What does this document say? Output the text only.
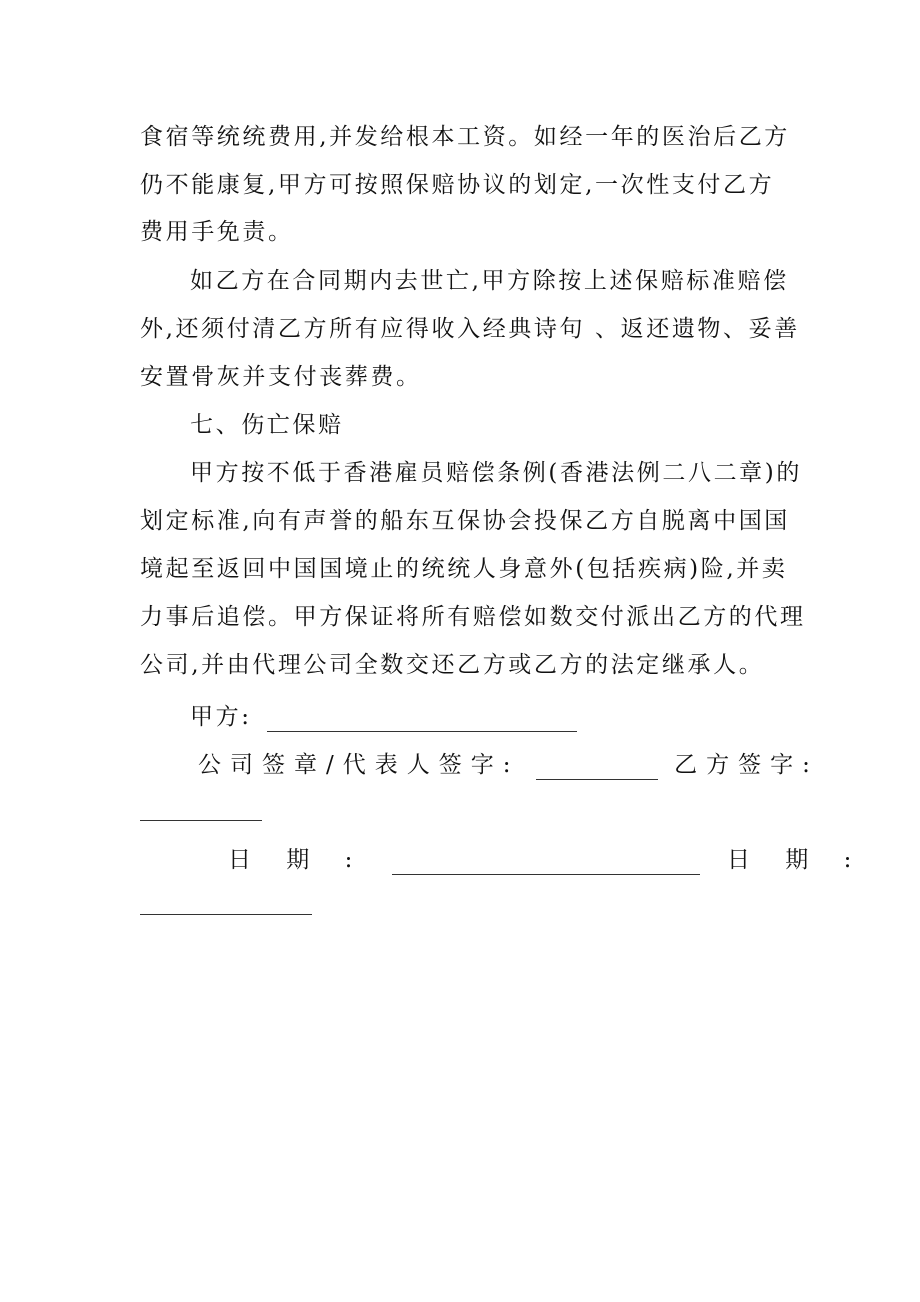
食宿等统统费用,并发给根本工资。如经一年的医治后乙方
仍不能康复,甲方可按照保赔协议的划定,一次性支付乙方
费用手免责。
如乙方在合同期内去世亡,甲方除按上述保赔标准赔偿
外,还须付清乙方所有应得收入经典诗句 、返还遗物、妥善
安置骨灰并支付丧葬费。
七、伤亡保赔
甲方按不低于香港雇员赔偿条例(香港法例二八二章)的
划定标准,向有声誉的船东互保协会投保乙方自脱离中国国
境起至返回中国国境止的统统人身意外(包括疾病)险,并卖
力事后追偿。甲方保证将所有赔偿如数交付派出乙方的代理
公司,并由代理公司全数交还乙方或乙方的法定继承人。
甲方:
公司签章/代表人签字:	乙方签字:
日 期 :	日 期 :
